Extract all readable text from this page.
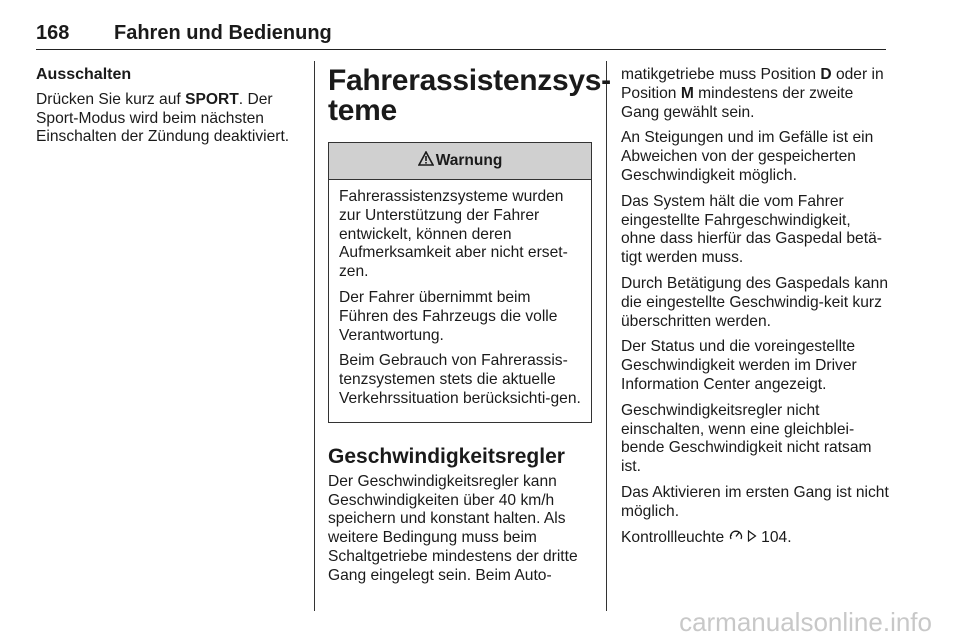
168 Fahren und Bedienung
Ausschalten

Drücken Sie kurz auf SPORT. Der Sport-Modus wird beim nächsten Einschalten der Zündung deaktiviert.

Fahrerassistenzsys-
teme
Warnung

Fahrerassistenzsysteme wurden zur Unterstützung der Fahrer entwickelt, können deren Aufmerksamkeit aber nicht erset-zen.

Der Fahrer übernimmt beim Führen des Fahrzeugs die volle Verantwortung.

Beim Gebrauch von Fahrerassis-tenzsystemen stets die aktuelle Verkehrssituation berücksichti-gen.

Geschwindigkeitsregler

Der Geschwindigkeitsregler kann Geschwindigkeiten über 40 km/h speichern und konstant halten. Als weitere Bedingung muss beim Schaltgetriebe mindestens der dritte Gang eingelegt sein. Beim Auto-

matikgetriebe muss Position D oder in Position M mindestens der zweite Gang gewählt sein.

An Steigungen und im Gefälle ist ein Abweichen von der gespeicherten Geschwindigkeit möglich.

Das System hält die vom Fahrer eingestellte Fahrgeschwindigkeit, ohne dass hierfür das Gaspedal betä-tigt werden muss.

Durch Betätigung des Gaspedals kann die eingestellte Geschwindig-keit kurz überschritten werden.

Der Status und die voreingestellte Geschwindigkeit werden im Driver Information Center angezeigt.

Geschwindigkeitsregler nicht einschalten, wenn eine gleichblei-bende Geschwindigkeit nicht ratsam ist.

Das Aktivieren im ersten Gang ist nicht möglich.

Kontrollleuchte   104.

carmanualsonline.info
